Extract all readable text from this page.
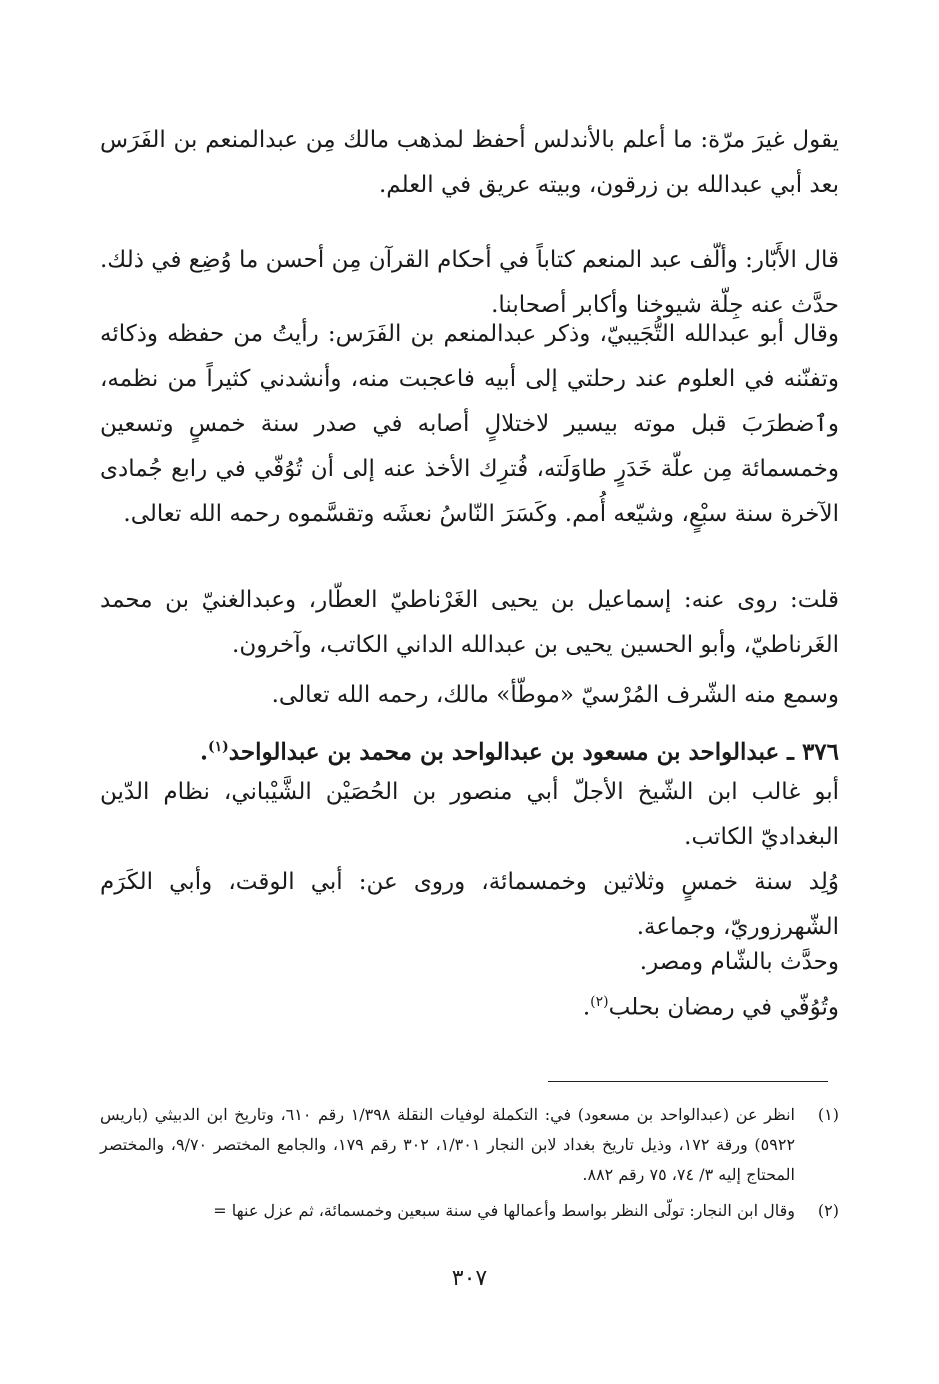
يقول غيرَ مرّة: ما أعلم بالأندلس أحفظ لمذهب مالك مِن عبدالمنعم بن الفَرَس بعد أبي عبدالله بن زرقون، وبيته عريق في العلم.

قال الأَبّار: وألّف عبد المنعم كتاباً في أحكام القرآن مِن أحسن ما وُضِع في ذلك. حدَّث عنه جِلّة شيوخنا وأكابر أصحابنا.

وقال أبو عبدالله التُّجَيبيّ، وذكر عبدالمنعم بن الفَرَس: رأيتُ من حفظه وذكائه وتفنّنه في العلوم عند رحلتي إلى أبيه فاعجبت منه، وأنشدني كثيراً من نظمه، وٱضطرَبَ قبل موته بيسير لاختلالٍ أصابه في صدر سنة خمسٍ وتسعين وخمسمائة مِن علّة خَدَرٍ طاوَلَته، فُترِك الأخذ عنه إلى أن تُوُفّي في رابع جُمادى الآخرة سنة سبْعٍ، وشيّعه أُمم. وكَسَرَ النّاسُ نعشَه وتقسَّموه رحمه الله تعالى.

قلت: روى عنه: إسماعيل بن يحيى الغَرْناطيّ العطّار، وعبدالغنيّ بن محمد الغَرناطيّ، وأبو الحسين يحيى بن عبدالله الداني الكاتب، وآخرون.

وسمع منه الشّرف المُرْسيّ «موطّأ» مالك، رحمه الله تعالى.

٣٧٦ ـ عبدالواحد بن مسعود بن عبدالواحد بن محمد بن عبدالواحد$^{(١)}$.

أبو غالب ابن الشّيخ الأجلّ أبي منصور بن الحُصَيْن الشَّيْباني، نظام الدّين البغداديّ الكاتب.

وُلِد سنة خمسٍ وثلاثين وخمسمائة، وروى عن: أبي الوقت، وأبي الكَرَم الشّهرزوريّ، وجماعة.

وحدَّث بالشّام ومصر.

وتُوُفّي في رمضان بحلب$^{(٢)}$.

(١)
انظر عن (عبدالواحد بن مسعود) في: التكملة لوفيات النقلة ١/٣٩٨ رقم ٦١٠، وتاريخ ابن الدبيثي (باريس ٥٩٢٢) ورقة ١٧٢، وذيل تاريخ بغداد لابن النجار ١/٣٠١، ٣٠٢ رقم ١٧٩، والجامع المختصر ٩/٧٠، والمختصر المحتاج إليه ٣/ ٧٤، ٧٥ رقم ٨٨٢.
(٢)
وقال ابن النجار: تولّى النظر بواسط وأعمالها في سنة سبعين وخمسمائة، ثم عزل عنها =
٣٠٧
